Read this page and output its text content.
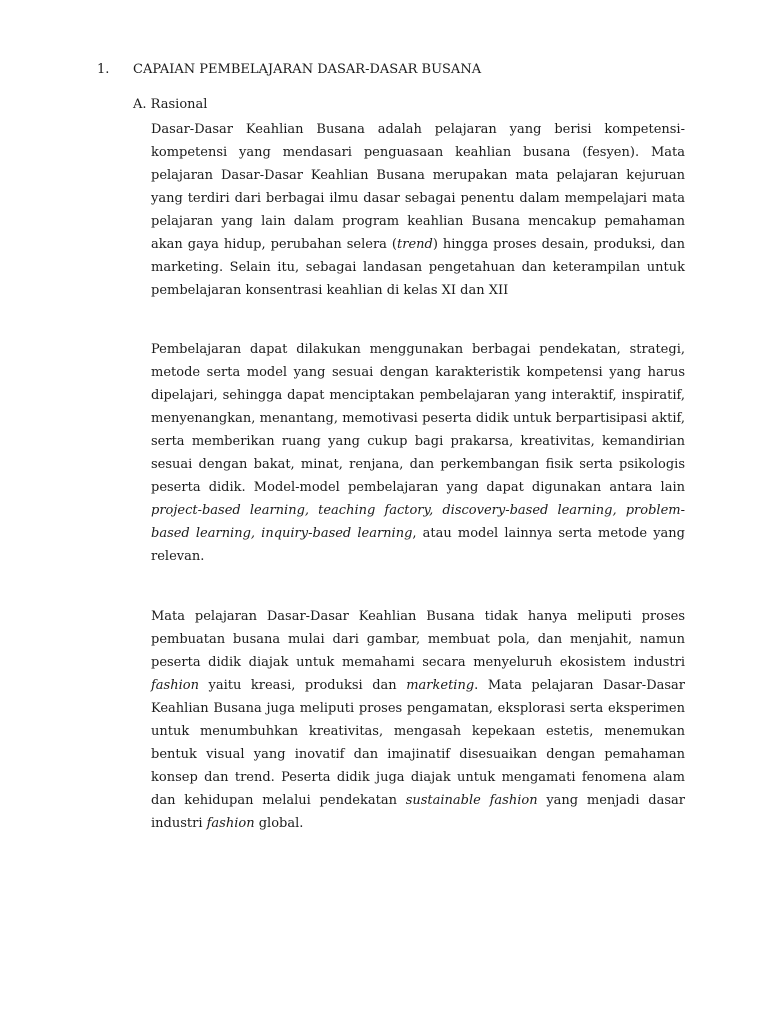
1. CAPAIAN PEMBELAJARAN DASAR-DASAR BUSANA
A. Rasional

Dasar-Dasar Keahlian Busana adalah pelajaran yang berisi kompetensi-kompetensi yang mendasari penguasaan keahlian busana (fesyen). Mata pelajaran Dasar-Dasar Keahlian Busana merupakan mata pelajaran kejuruan yang terdiri dari berbagai ilmu dasar sebagai penentu dalam mempelajari mata pelajaran yang lain dalam program keahlian Busana mencakup pemahaman akan gaya hidup, perubahan selera (trend) hingga proses desain, produksi, dan marketing. Selain itu, sebagai landasan pengetahuan dan keterampilan untuk pembelajaran konsentrasi keahlian di kelas XI dan XII

Pembelajaran dapat dilakukan menggunakan berbagai pendekatan, strategi, metode serta model yang sesuai dengan karakteristik kompetensi yang harus dipelajari, sehingga dapat menciptakan pembelajaran yang interaktif, inspiratif, menyenangkan, menantang, memotivasi peserta didik untuk berpartisipasi aktif, serta memberikan ruang yang cukup bagi prakarsa, kreativitas, kemandirian sesuai dengan bakat, minat, renjana, dan perkembangan fisik serta psikologis peserta didik. Model-model pembelajaran yang dapat digunakan antara lain project-based learning, teaching factory, discovery-based learning, problem-based learning, inquiry-based learning, atau model lainnya serta metode yang relevan.

Mata pelajaran Dasar-Dasar Keahlian Busana tidak hanya meliputi proses pembuatan busana mulai dari gambar, membuat pola, dan menjahit, namun peserta didik diajak untuk memahami secara menyeluruh ekosistem industri fashion yaitu kreasi, produksi dan marketing. Mata pelajaran Dasar-Dasar Keahlian Busana juga meliputi proses pengamatan, eksplorasi serta eksperimen untuk menumbuhkan kreativitas, mengasah kepekaan estetis, menemukan bentuk visual yang inovatif dan imajinatif disesuaikan dengan pemahaman konsep dan trend. Peserta didik juga diajak untuk mengamati fenomena alam dan kehidupan melalui pendekatan sustainable fashion yang menjadi dasar industri fashion global.
